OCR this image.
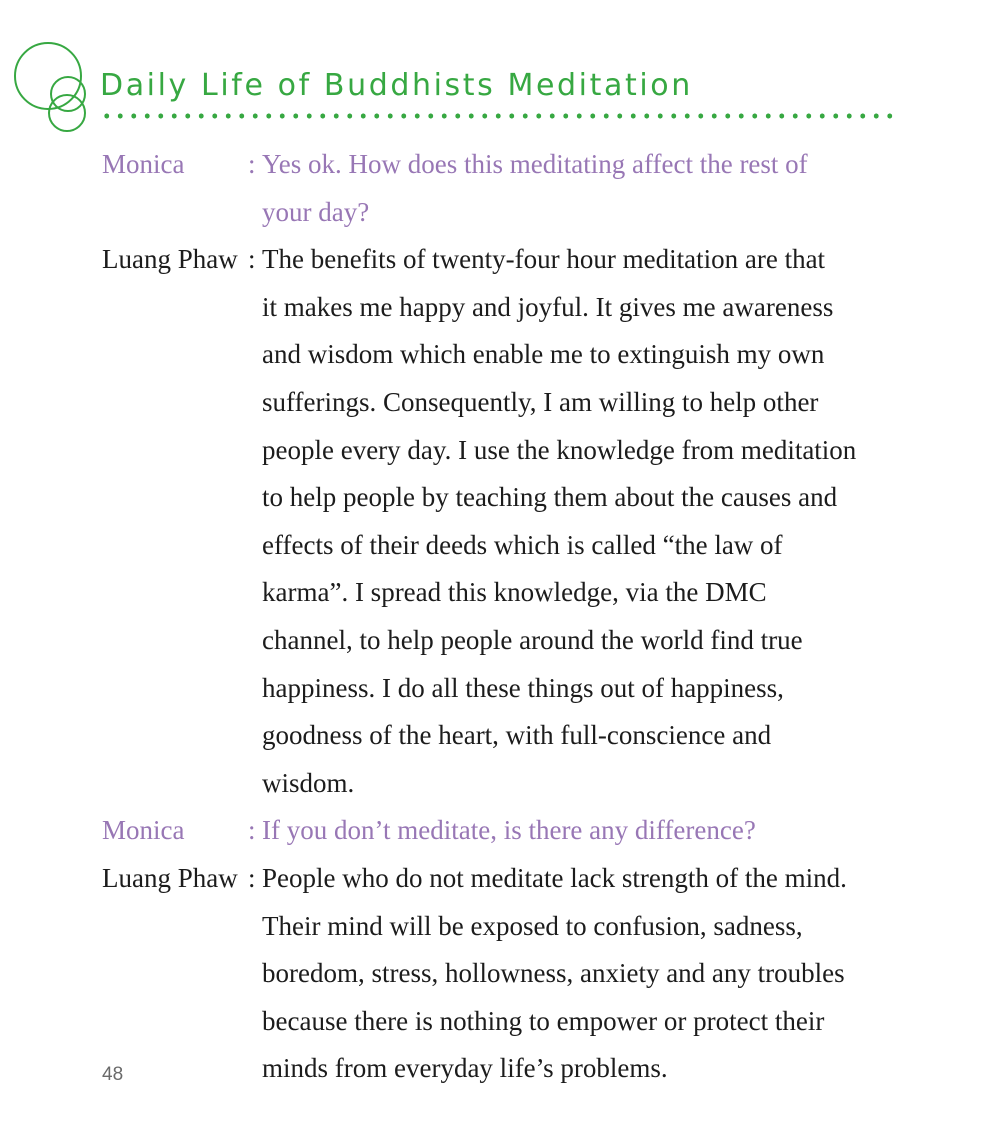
Daily Life of Buddhists Meditation
Monica	: Yes ok. How does this meditating affect the rest of
your day?

Luang Phaw : The benefits of twenty-four hour meditation are that
it makes me happy and joyful. It gives me awareness
and wisdom which enable me to extinguish my own
sufferings. Consequently, I am willing to help other
people every day. I use the knowledge from meditation
to help people by teaching them about the causes and
effects of their deeds which is called “the law of
karma”. I spread this knowledge, via the DMC
channel, to help people around the world find true
happiness. I do all these things out of happiness,
goodness of the heart, with full-conscience and
wisdom.

Monica	: If you don’t meditate, is there any difference?

Luang Phaw : People who do not meditate lack strength of the mind.
Their mind will be exposed to confusion, sadness,
boredom, stress, hollowness, anxiety and any troubles
because there is nothing to empower or protect their
minds from everyday life’s problems.

48
